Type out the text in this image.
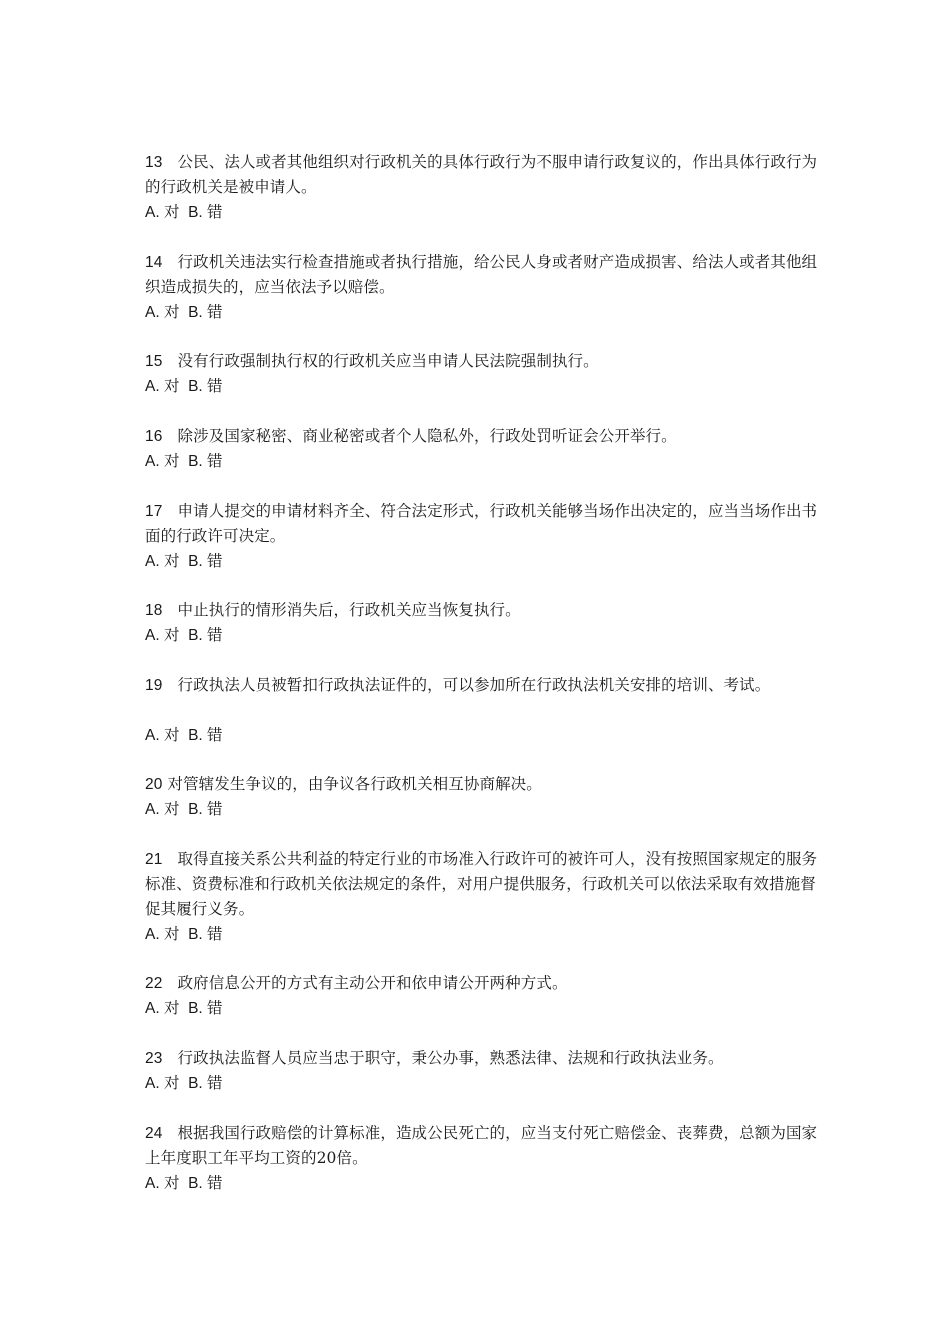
13 公民、法人或者其他组织对行政机关的具体行政行为不服申请行政复议的，作出具体行政行为的行政机关是被申请人。
A. 对 B. 错
14 行政机关违法实行检查措施或者执行措施，给公民人身或者财产造成损害、给法人或者其他组织造成损失的，应当依法予以赔偿。
A. 对 B. 错
15 没有行政强制执行权的行政机关应当申请人民法院强制执行。
A. 对 B. 错
16 除涉及国家秘密、商业秘密或者个人隐私外，行政处罚听证会公开举行。
A. 对 B. 错
17 申请人提交的申请材料齐全、符合法定形式，行政机关能够当场作出决定的，应当当场作出书面的行政许可决定。
A. 对 B. 错
18 中止执行的情形消失后，行政机关应当恢复执行。
A. 对 B. 错
19 行政执法人员被暂扣行政执法证件的，可以参加所在行政执法机关安排的培训、考试。
A. 对 B. 错
20 对管辖发生争议的，由争议各行政机关相互协商解决。
A. 对 B. 错
21 取得直接关系公共利益的特定行业的市场准入行政许可的被许可人，没有按照国家规定的服务标准、资费标准和行政机关依法规定的条件，对用户提供服务，行政机关可以依法采取有效措施督促其履行义务。
A. 对 B. 错
22 政府信息公开的方式有主动公开和依申请公开两种方式。
A. 对 B. 错
23 行政执法监督人员应当忠于职守，秉公办事，熟悉法律、法规和行政执法业务。
A. 对 B. 错
24 根据我国行政赔偿的计算标准，造成公民死亡的，应当支付死亡赔偿金、丧葬费，总额为国家上年度职工年平均工资的20倍。
A. 对 B. 错
